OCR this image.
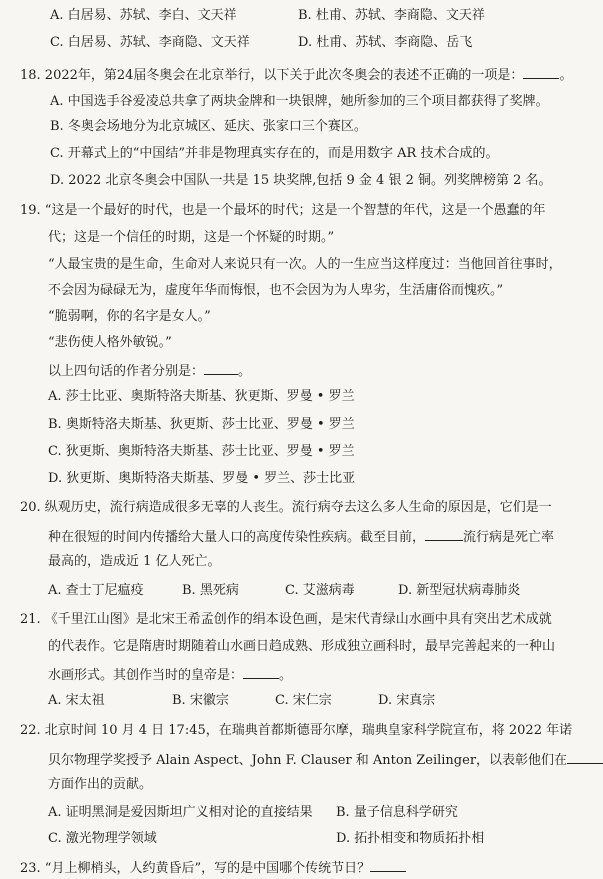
A. 白居易、苏轼、李白、文天祥	B. 杜甫、苏轼、李商隐、文天祥
C. 白居易、苏轼、李商隐、文天祥	D. 杜甫、苏轼、李商隐、岳飞
18. 2022年，第24届冬奥会在北京举行，以下关于此次冬奥会的表述不正确的一项是：	。
A. 中国选手谷爱凌总共拿了两块金牌和一块银牌，她所参加的三个项目都获得了奖牌。
B. 冬奥会场地分为北京城区、延庆、张家口三个赛区。
C. 开幕式上的“中国结”并非是物理真实存在的，而是用数字 AR 技术合成的。
D. 2022 北京冬奥会中国队一共是 15 块奖牌,包括 9 金 4 银 2 铜。列奖牌榜第 2 名。
19. “这是一个最好的时代，也是一个最坏的时代；这是一个智慧的年代，这是一个愚蠢的年
代；这是一个信任的时期，这是一个怀疑的时期。”
“人最宝贵的是生命，生命对人来说只有一次。人的一生应当这样度过：当他回首往事时，
不会因为碌碌无为，虚度年华而悔恨，也不会因为为人卑劣，生活庸俗而愧疚。”
“脆弱啊，你的名字是女人。”
“悲伤使人格外敏锐。”
以上四句话的作者分别是：	。
A. 莎士比亚、奥斯特洛夫斯基、狄更斯、罗曼 • 罗兰
B. 奥斯特洛夫斯基、狄更斯、莎士比亚、罗曼 • 罗兰
C. 狄更斯、奥斯特洛夫斯基、莎士比亚、罗曼 • 罗兰
D. 狄更斯、奥斯特洛夫斯基、罗曼 • 罗兰、莎士比亚
20. 纵观历史，流行病造成很多无辜的人丧生。流行病夺去这么多人生命的原因是，它们是一
种在很短的时间内传播给大量人口的高度传染性疾病。截至目前，	流行病是死亡率
最高的，造成近 1 亿人死亡。
A. 查士丁尼瘟疫	B. 黑死病	C. 艾滋病毒	D. 新型冠状病毒肺炎
21. 《千里江山图》是北宋王希孟创作的绢本设色画，是宋代青绿山水画中具有突出艺术成就
的代表作。它是隋唐时期随着山水画日趋成熟、形成独立画科时，最早完善起来的一种山
水画形式。其创作当时的皇帝是：	。
A. 宋太祖	B. 宋徽宗	C. 宋仁宗	D. 宋真宗
22. 北京时间 10 月 4 日 17:45，在瑞典首都斯德哥尔摩，瑞典皇家科学院宣布，将 2022 年诺
贝尔物理学奖授予 Alain Aspect、John F. Clauser 和 Anton Zeilinger，以表彰他们在
方面作出的贡献。
A. 证明黑洞是爱因斯坦广义相对论的直接结果 B. 量子信息科学研究
C. 激光物理学领域	D. 拓扑相变和物质拓扑相
23. “月上柳梢头，人约黄昏后”，写的是中国哪个传统节日？
